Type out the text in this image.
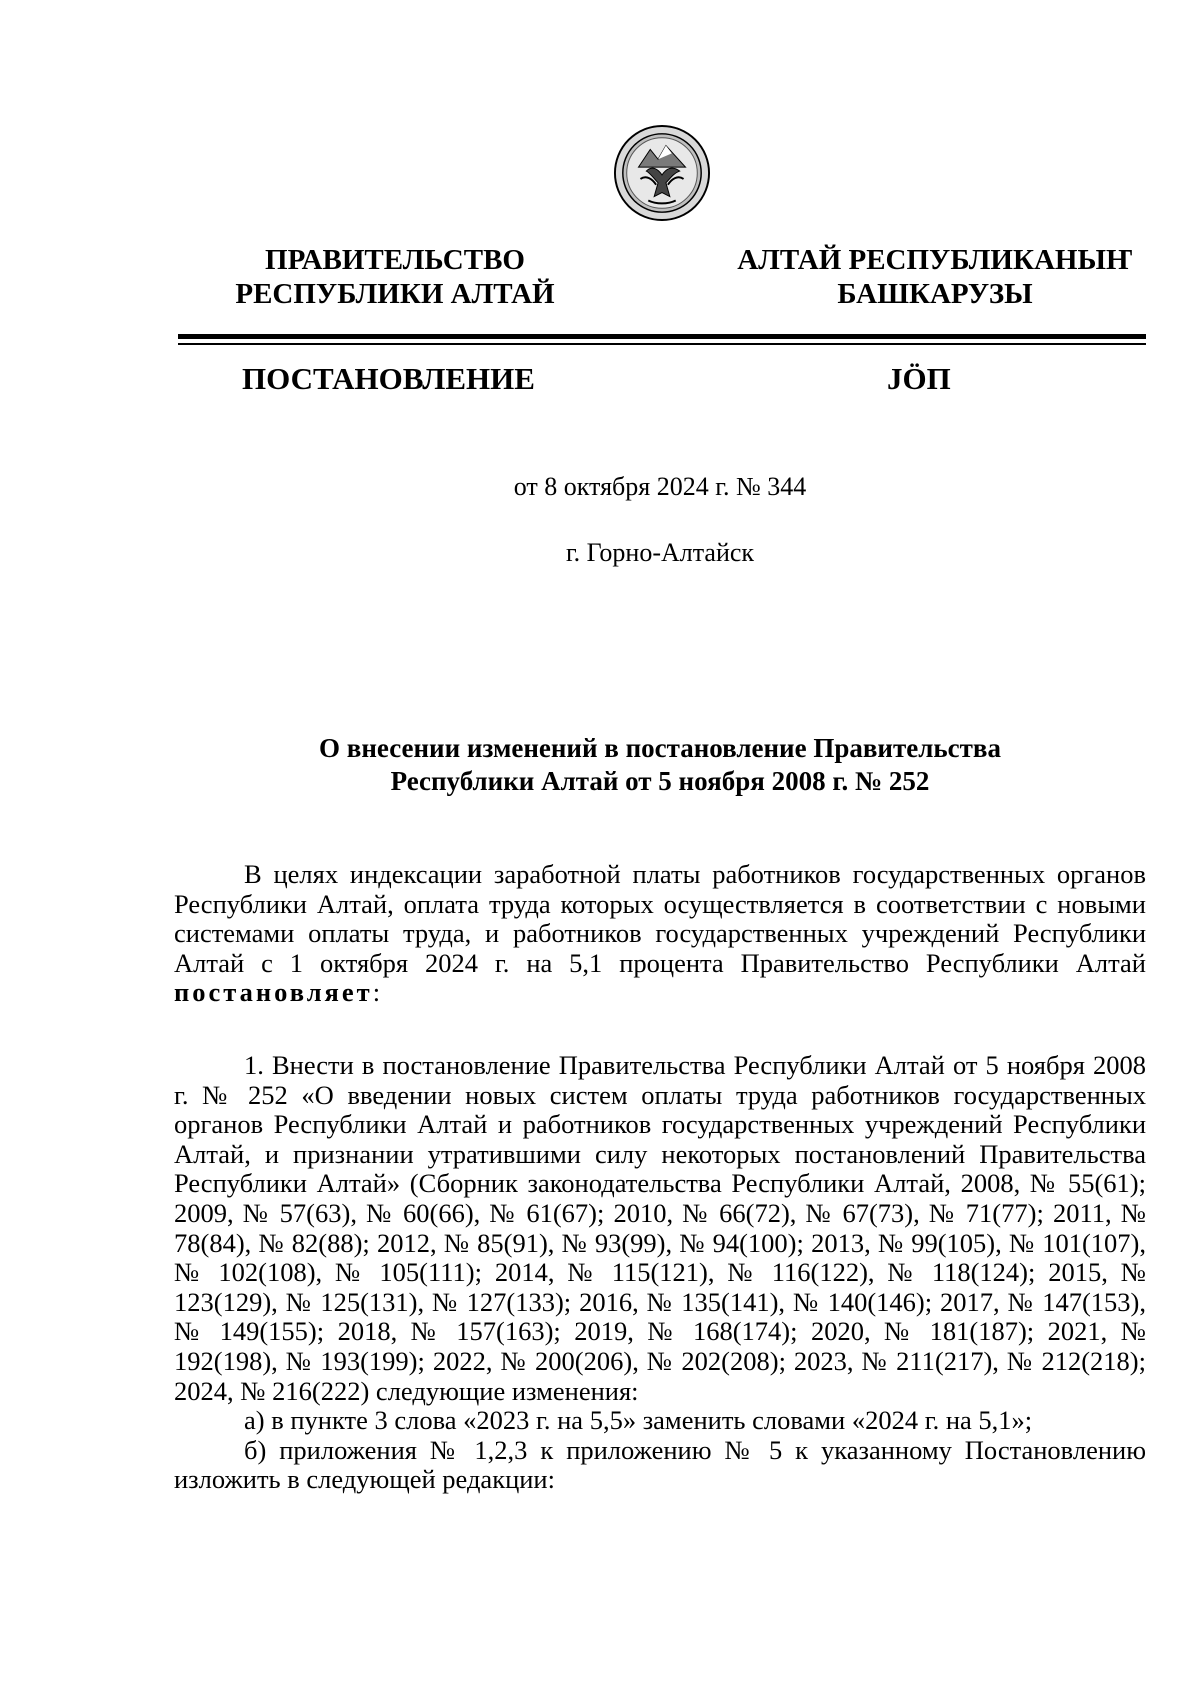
ПРАВИТЕЛЬСТВО
РЕСПУБЛИКИ АЛТАЙ
АЛТАЙ РЕСПУБЛИКАНЫҤ
БАШКАРУЗЫ
ПОСТАНОВЛЕНИЕ	JӦП
от 8 октября 2024 г. № 344
г. Горно-Алтайск
О внесении изменений в постановление Правительства
Республики Алтай от 5 ноября 2008 г. № 252
В целях индексации заработной платы работников государственных органов Республики Алтай, оплата труда которых осуществляется в соответствии с новыми системами оплаты труда, и работников государственных учреждений Республики Алтай с 1 октября 2024 г. на 5,1 процента Правительство Республики Алтай постановляет:
1. Внести в постановление Правительства Республики Алтай от 5 ноября 2008 г. № 252 «О введении новых систем оплаты труда работников государственных органов Республики Алтай и работников государственных учреждений Республики Алтай, и признании утратившими силу некоторых постановлений Правительства Республики Алтай» (Сборник законодательства Республики Алтай, 2008, № 55(61); 2009, № 57(63), № 60(66), № 61(67); 2010, № 66(72), № 67(73), № 71(77); 2011, № 78(84), № 82(88); 2012, № 85(91), № 93(99), № 94(100); 2013, № 99(105), № 101(107), № 102(108), № 105(111); 2014, № 115(121), № 116(122), № 118(124); 2015, № 123(129), № 125(131), № 127(133); 2016, № 135(141), № 140(146); 2017, № 147(153), № 149(155); 2018, № 157(163); 2019, № 168(174); 2020, № 181(187); 2021, № 192(198), № 193(199); 2022, № 200(206), № 202(208); 2023, № 211(217), № 212(218); 2024, № 216(222) следующие изменения:
а) в пункте 3 слова «2023 г. на 5,5» заменить словами «2024 г. на 5,1»;
б) приложения № 1,2,3 к приложению № 5 к указанному Постановлению изложить в следующей редакции:
